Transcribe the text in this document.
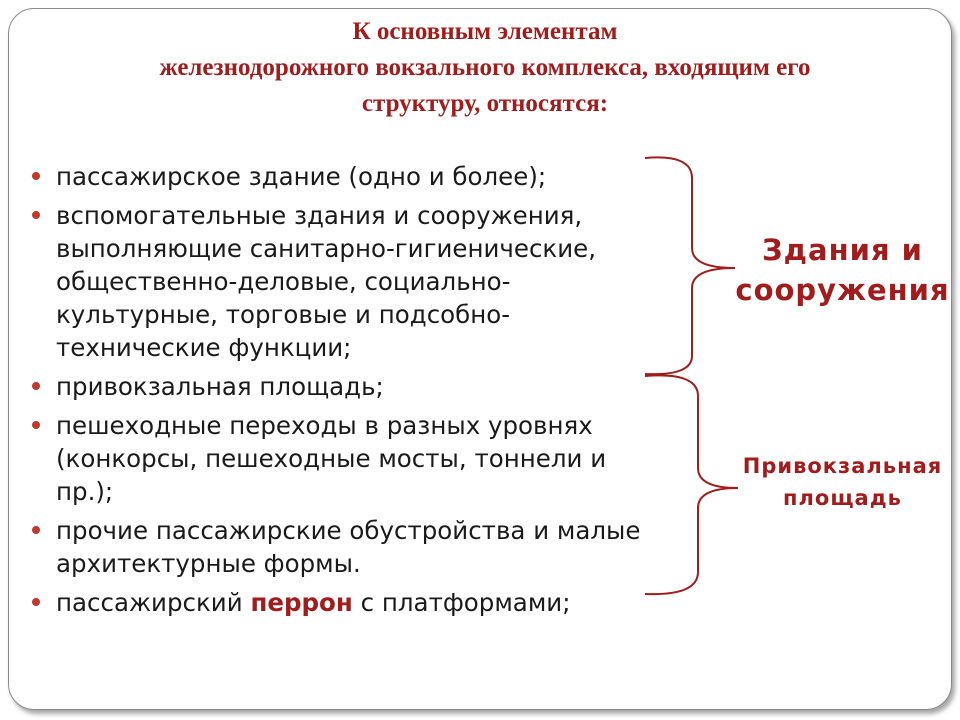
К основным элементам
железнодорожного вокзального комплекса, входящим его
структуру, относятся:
пассажирское здание (одно и более);
вспомогательные здания и сооружения, выполняющие санитарно-гигиенические, общественно-деловые, социально-культурные, торговые и подсобно-технические функции;
привокзальная площадь;
пешеходные переходы в разных уровнях (конкорсы, пешеходные мосты, тоннели и пр.);
прочие пассажирские обустройства и малые архитектурные формы.
пассажирский перрон с платформами;
Здания и сооружения
Привокзальная площадь
